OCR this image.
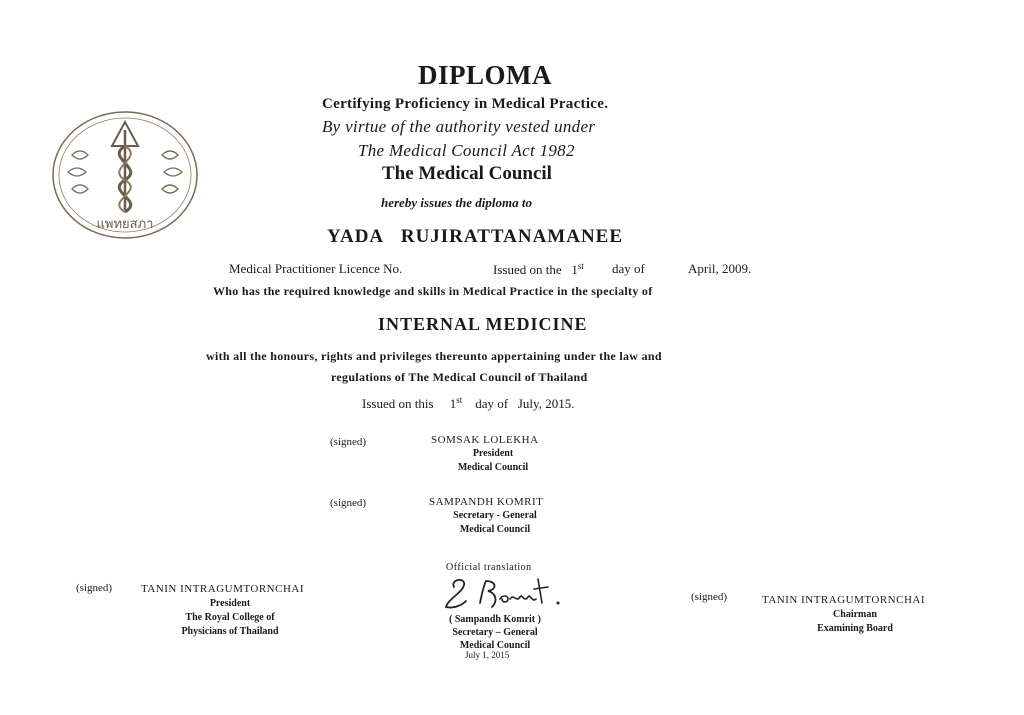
แพทยสภา
DIPLOMA
Certifying Proficiency in Medical Practice.
By virtue of the authority vested under
The Medical Council Act 1982
The Medical Council
hereby issues the diploma to
YADA RUJIRATTANAMANEE
Medical Practitioner Licence No.	Issued on the 1st day of	April, 2009.
Who has the required knowledge and skills in Medical Practice in the specialty of
INTERNAL MEDICINE
with all the honours, rights and privileges thereunto appertaining under the law and
regulations of The Medical Council of Thailand
Issued on this 1st day of July, 2015.
(signed)	SOMSAK LOLEKHA
President
Medical Council
(signed)	SAMPANDH KOMRIT
Secretary - General
Medical Council
(signed)	TANIN INTRAGUMTORNCHAI
President
The Royal College of
Physicians of Thailand
Official translation
( Sampandh Komrit )
Secretary – General
Medical Council
July 1, 2015
(signed)	TANIN INTRAGUMTORNCHAI
Chairman
Examining Board
